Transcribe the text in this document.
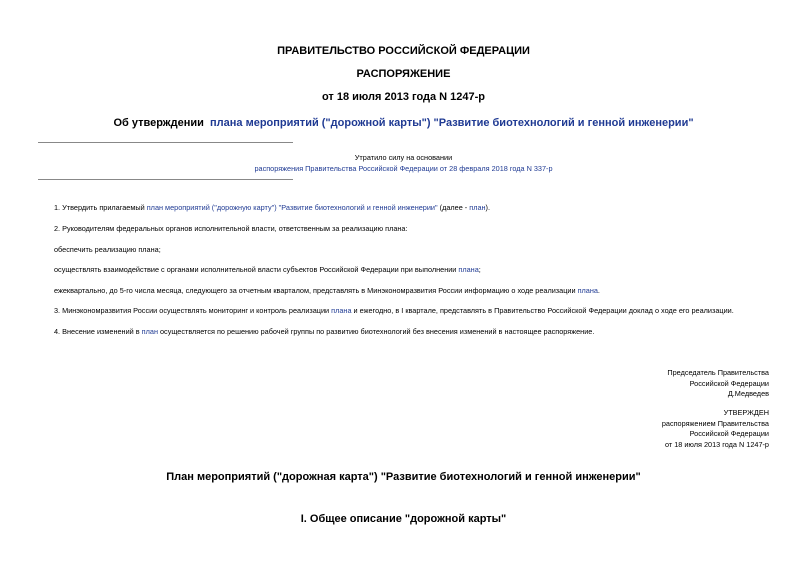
ПРАВИТЕЛЬСТВО РОССИЙСКОЙ ФЕДЕРАЦИИ
РАСПОРЯЖЕНИЕ
от 18 июля 2013 года N 1247-р
Об утверждении плана мероприятий ("дорожной карты") "Развитие биотехнологий и генной инженерии"
Утратило силу на основании
распоряжения Правительства Российской Федерации от 28 февраля 2018 года N 337-р
1. Утвердить прилагаемый план мероприятий ("дорожную карту") "Развитие биотехнологий и генной инженерии" (далее - план).
2. Руководителям федеральных органов исполнительной власти, ответственным за реализацию плана:
обеспечить реализацию плана;
осуществлять взаимодействие с органами исполнительной власти субъектов Российской Федерации при выполнении плана;
ежеквартально, до 5-го числа месяца, следующего за отчетным кварталом, представлять в Минэкономразвития России информацию о ходе реализации плана.
3. Минэкономразвития России осуществлять мониторинг и контроль реализации плана и ежегодно, в I квартале, представлять в Правительство Российской Федерации доклад о ходе его реализации.
4. Внесение изменений в план осуществляется по решению рабочей группы по развитию биотехнологий без внесения изменений в настоящее распоряжение.
Председатель Правительства
Российской Федерации
Д.Медведев
УТВЕРЖДЕН
распоряжением Правительства
Российской Федерации
от 18 июля 2013 года N 1247-р
План мероприятий ("дорожная карта") "Развитие биотехнологий и генной инженерии"
I. Общее описание "дорожной карты"
